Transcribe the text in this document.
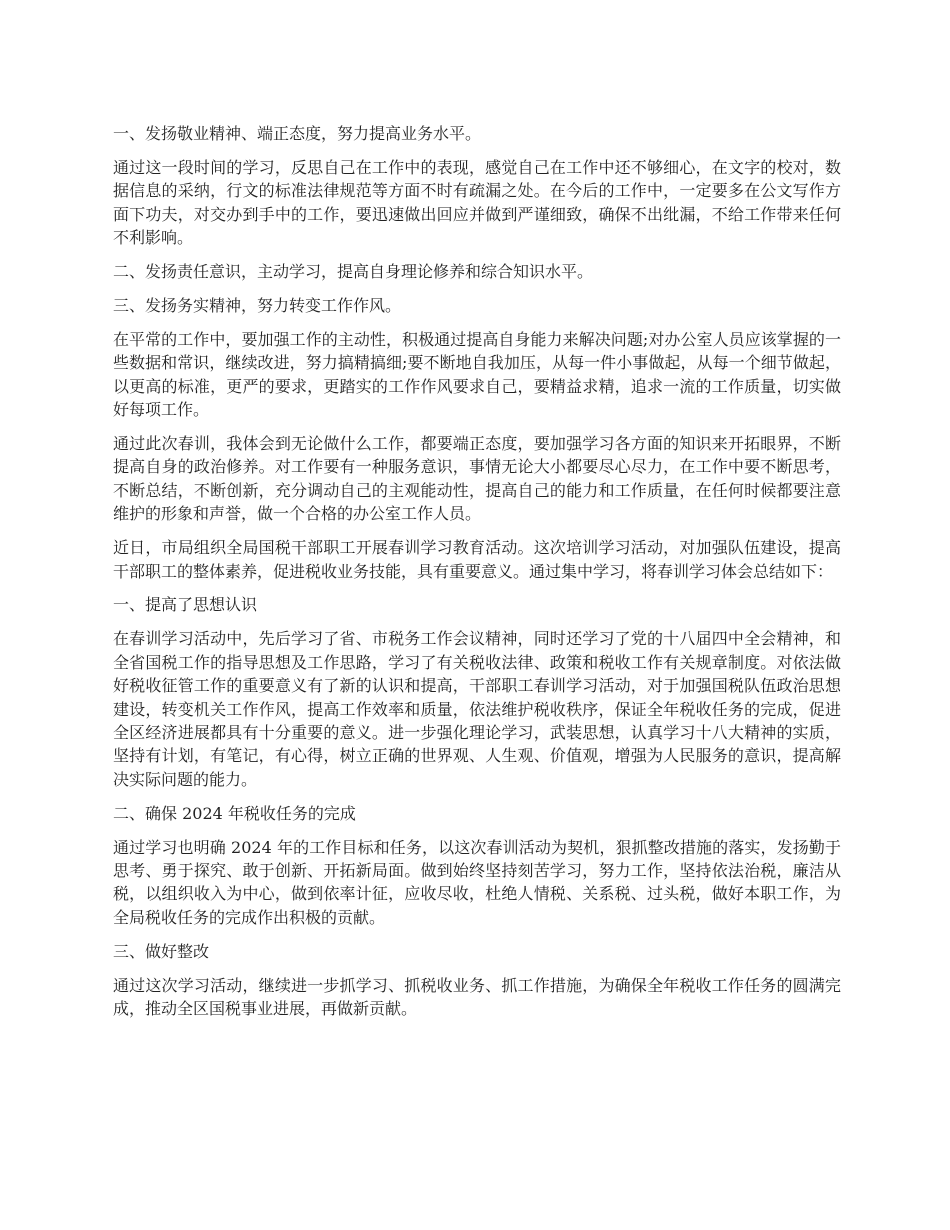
一、发扬敬业精神、端正态度，努力提高业务水平。

通过这一段时间的学习，反思自己在工作中的表现，感觉自己在工作中还不够细心，在文字的校对，数据信息的采纳，行文的标准法律规范等方面不时有疏漏之处。在今后的工作中，一定要多在公文写作方面下功夫，对交办到手中的工作，要迅速做出回应并做到严谨细致，确保不出纰漏，不给工作带来任何不利影响。

二、发扬责任意识，主动学习，提高自身理论修养和综合知识水平。

三、发扬务实精神，努力转变工作作风。

在平常的工作中，要加强工作的主动性，积极通过提高自身能力来解决问题;对办公室人员应该掌握的一些数据和常识，继续改进，努力搞精搞细;要不断地自我加压，从每一件小事做起，从每一个细节做起，以更高的标准，更严的要求，更踏实的工作作风要求自己，要精益求精，追求一流的工作质量，切实做好每项工作。

通过此次春训，我体会到无论做什么工作，都要端正态度，要加强学习各方面的知识来开拓眼界，不断提高自身的政治修养。对工作要有一种服务意识，事情无论大小都要尽心尽力，在工作中要不断思考，不断总结，不断创新，充分调动自己的主观能动性，提高自己的能力和工作质量，在任何时候都要注意维护的形象和声誉，做一个合格的办公室工作人员。

近日，市局组织全局国税干部职工开展春训学习教育活动。这次培训学习活动，对加强队伍建设，提高干部职工的整体素养，促进税收业务技能，具有重要意义。通过集中学习，将春训学习体会总结如下：

一、提高了思想认识

在春训学习活动中，先后学习了省、市税务工作会议精神，同时还学习了党的十八届四中全会精神，和全省国税工作的指导思想及工作思路，学习了有关税收法律、政策和税收工作有关规章制度。对依法做好税收征管工作的重要意义有了新的认识和提高，干部职工春训学习活动，对于加强国税队伍政治思想建设，转变机关工作作风，提高工作效率和质量，依法维护税收秩序，保证全年税收任务的完成，促进全区经济进展都具有十分重要的意义。进一步强化理论学习，武装思想，认真学习十八大精神的实质，坚持有计划，有笔记，有心得，树立正确的世界观、人生观、价值观，增强为人民服务的意识，提高解决实际问题的能力。

二、确保 2024 年税收任务的完成

通过学习也明确 2024 年的工作目标和任务，以这次春训活动为契机，狠抓整改措施的落实，发扬勤于思考、勇于探究、敢于创新、开拓新局面。做到始终坚持刻苦学习，努力工作，坚持依法治税，廉洁从税，以组织收入为中心，做到依率计征，应收尽收，杜绝人情税、关系税、过头税，做好本职工作，为全局税收任务的完成作出积极的贡献。

三、做好整改

通过这次学习活动，继续进一步抓学习、抓税收业务、抓工作措施，为确保全年税收工作任务的圆满完成，推动全区国税事业进展，再做新贡献。
